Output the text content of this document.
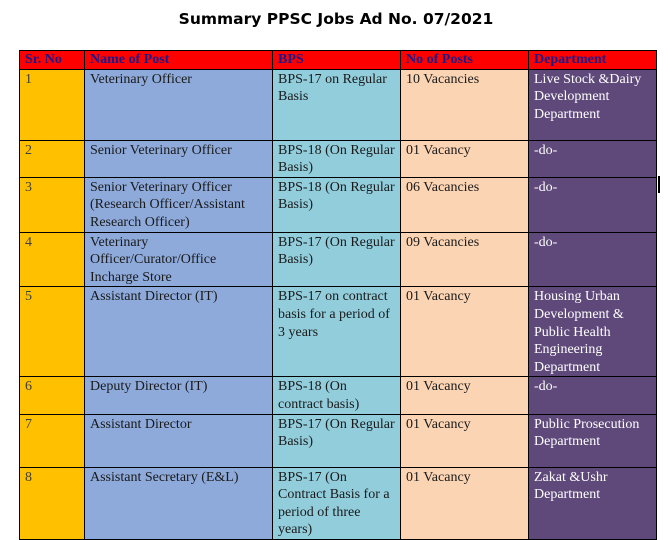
Summary PPSC Jobs Ad No. 07/2021
Sr. No	Name of Post	BPS	No of Posts	Department
1	Veterinary Officer	BPS-17 on Regular Basis	10 Vacancies	Live Stock &Dairy Development Department
2	Senior Veterinary Officer	BPS-18 (On Regular Basis)	01 Vacancy	-do-
3	Senior Veterinary Officer (Research Officer/Assistant Research Officer)	BPS-18 (On Regular Basis)	06 Vacancies	-do-
4	Veterinary Officer/Curator/Office Incharge Store	BPS-17 (On Regular Basis)	09 Vacancies	-do-
5	Assistant Director (IT)	BPS-17 on contract basis for a period of 3 years	01 Vacancy	Housing Urban Development & Public Health Engineering Department
6	Deputy Director (IT)	BPS-18 (On contract basis)	01 Vacancy	-do-
7	Assistant Director	BPS-17 (On Regular Basis)	01 Vacancy	Public Prosecution Department
8	Assistant Secretary (E&L)	BPS-17 (On Contract Basis for a period of three years)	01 Vacancy	Zakat &Ushr Department
